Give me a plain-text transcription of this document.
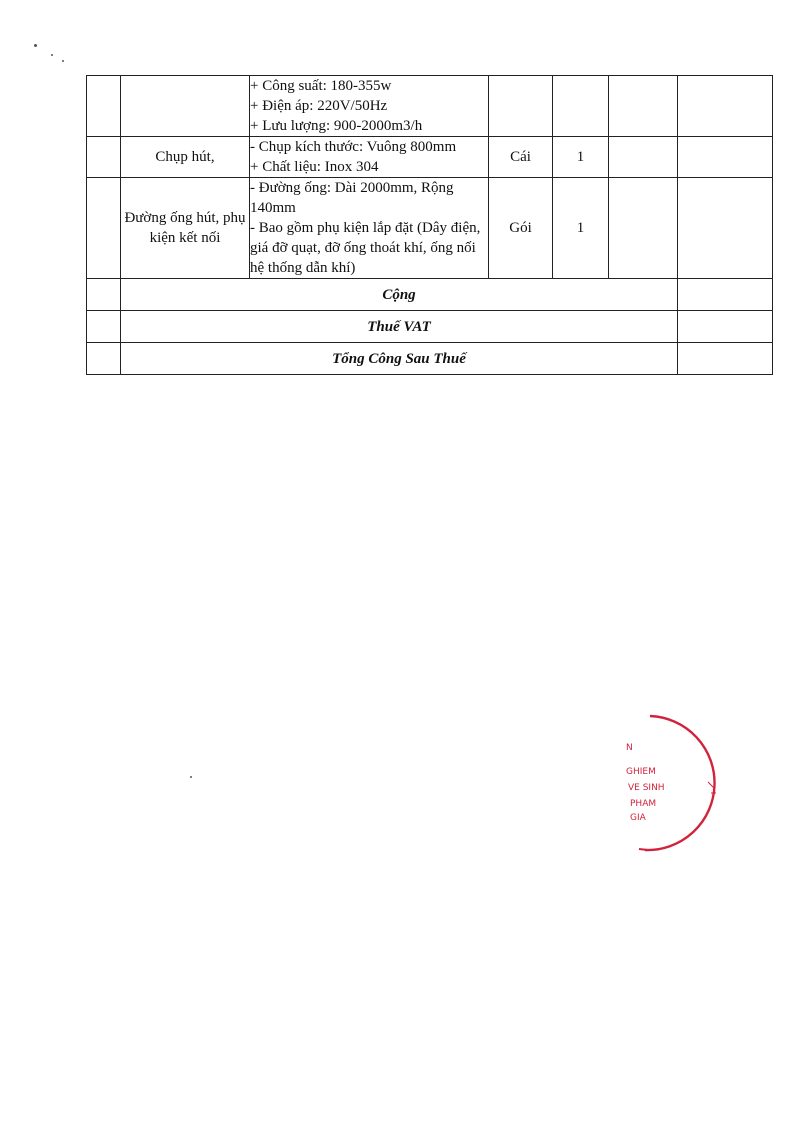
		+ Công suất: 180-355w
+ Điện áp: 220V/50Hz
+ Lưu lượng: 900-2000m3/h				

	Chụp hút,	- Chụp kích thước: Vuông 800mm
+ Chất liệu: Inox 304	Cái	1		
	Đường ống hút, phụ kiện kết nối	- Đường ống: Dài 2000mm, Rộng 140mm
- Bao gồm phụ kiện lắp đặt (Dây điện, giá đỡ quạt, đỡ ống thoát khí, ống nối hệ thống dẫn khí)	Gói	1		
	Cộng					
	Thuế VAT					
	Tổng Công Sau Thuế					
N
GHIEM
VE SINH
PHAM
GIA
